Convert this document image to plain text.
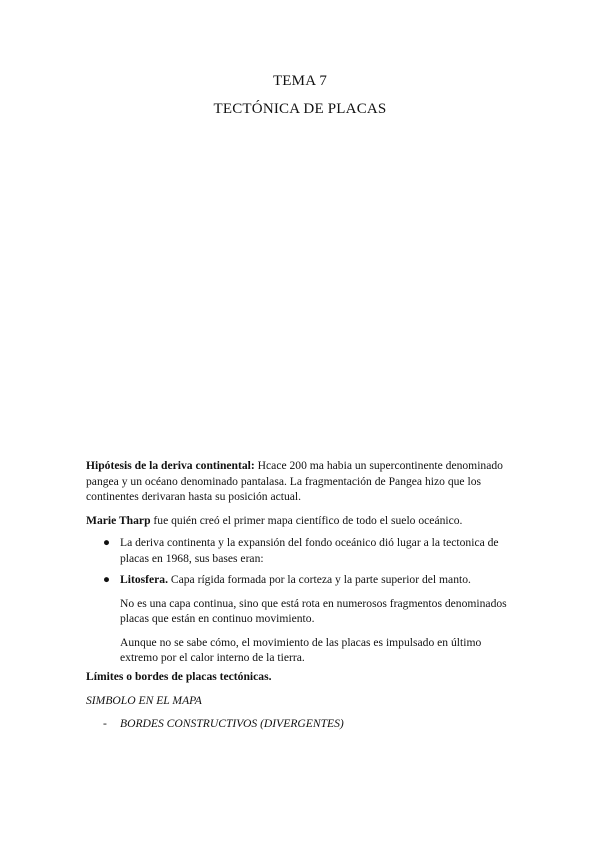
TEMA 7
TECTÓNICA DE PLACAS
Hipótesis de la deriva continental: Hcace 200 ma habia un supercontinente denominado pangea y un océano denominado pantalasa. La fragmentación de Pangea hizo que los continentes derivaran hasta su posición actual.
Marie Tharp fue quién creó el primer mapa científico de todo el suelo oceánico.
● La deriva continenta y la expansión del fondo oceánico dió lugar a la tectonica de placas en 1968, sus bases eran:
● Litosfera. Capa rígida formada por la corteza y la parte superior del manto.
No es una capa continua, sino que está rota en numerosos fragmentos denominados placas que están en continuo movimiento.
Aunque no se sabe cómo, el movimiento de las placas es impulsado en último extremo por el calor interno de la tierra.
Límites o bordes de placas tectónicas.
SIMBOLO EN EL MAPA
-	BORDES CONSTRUCTIVOS (DIVERGENTES)
